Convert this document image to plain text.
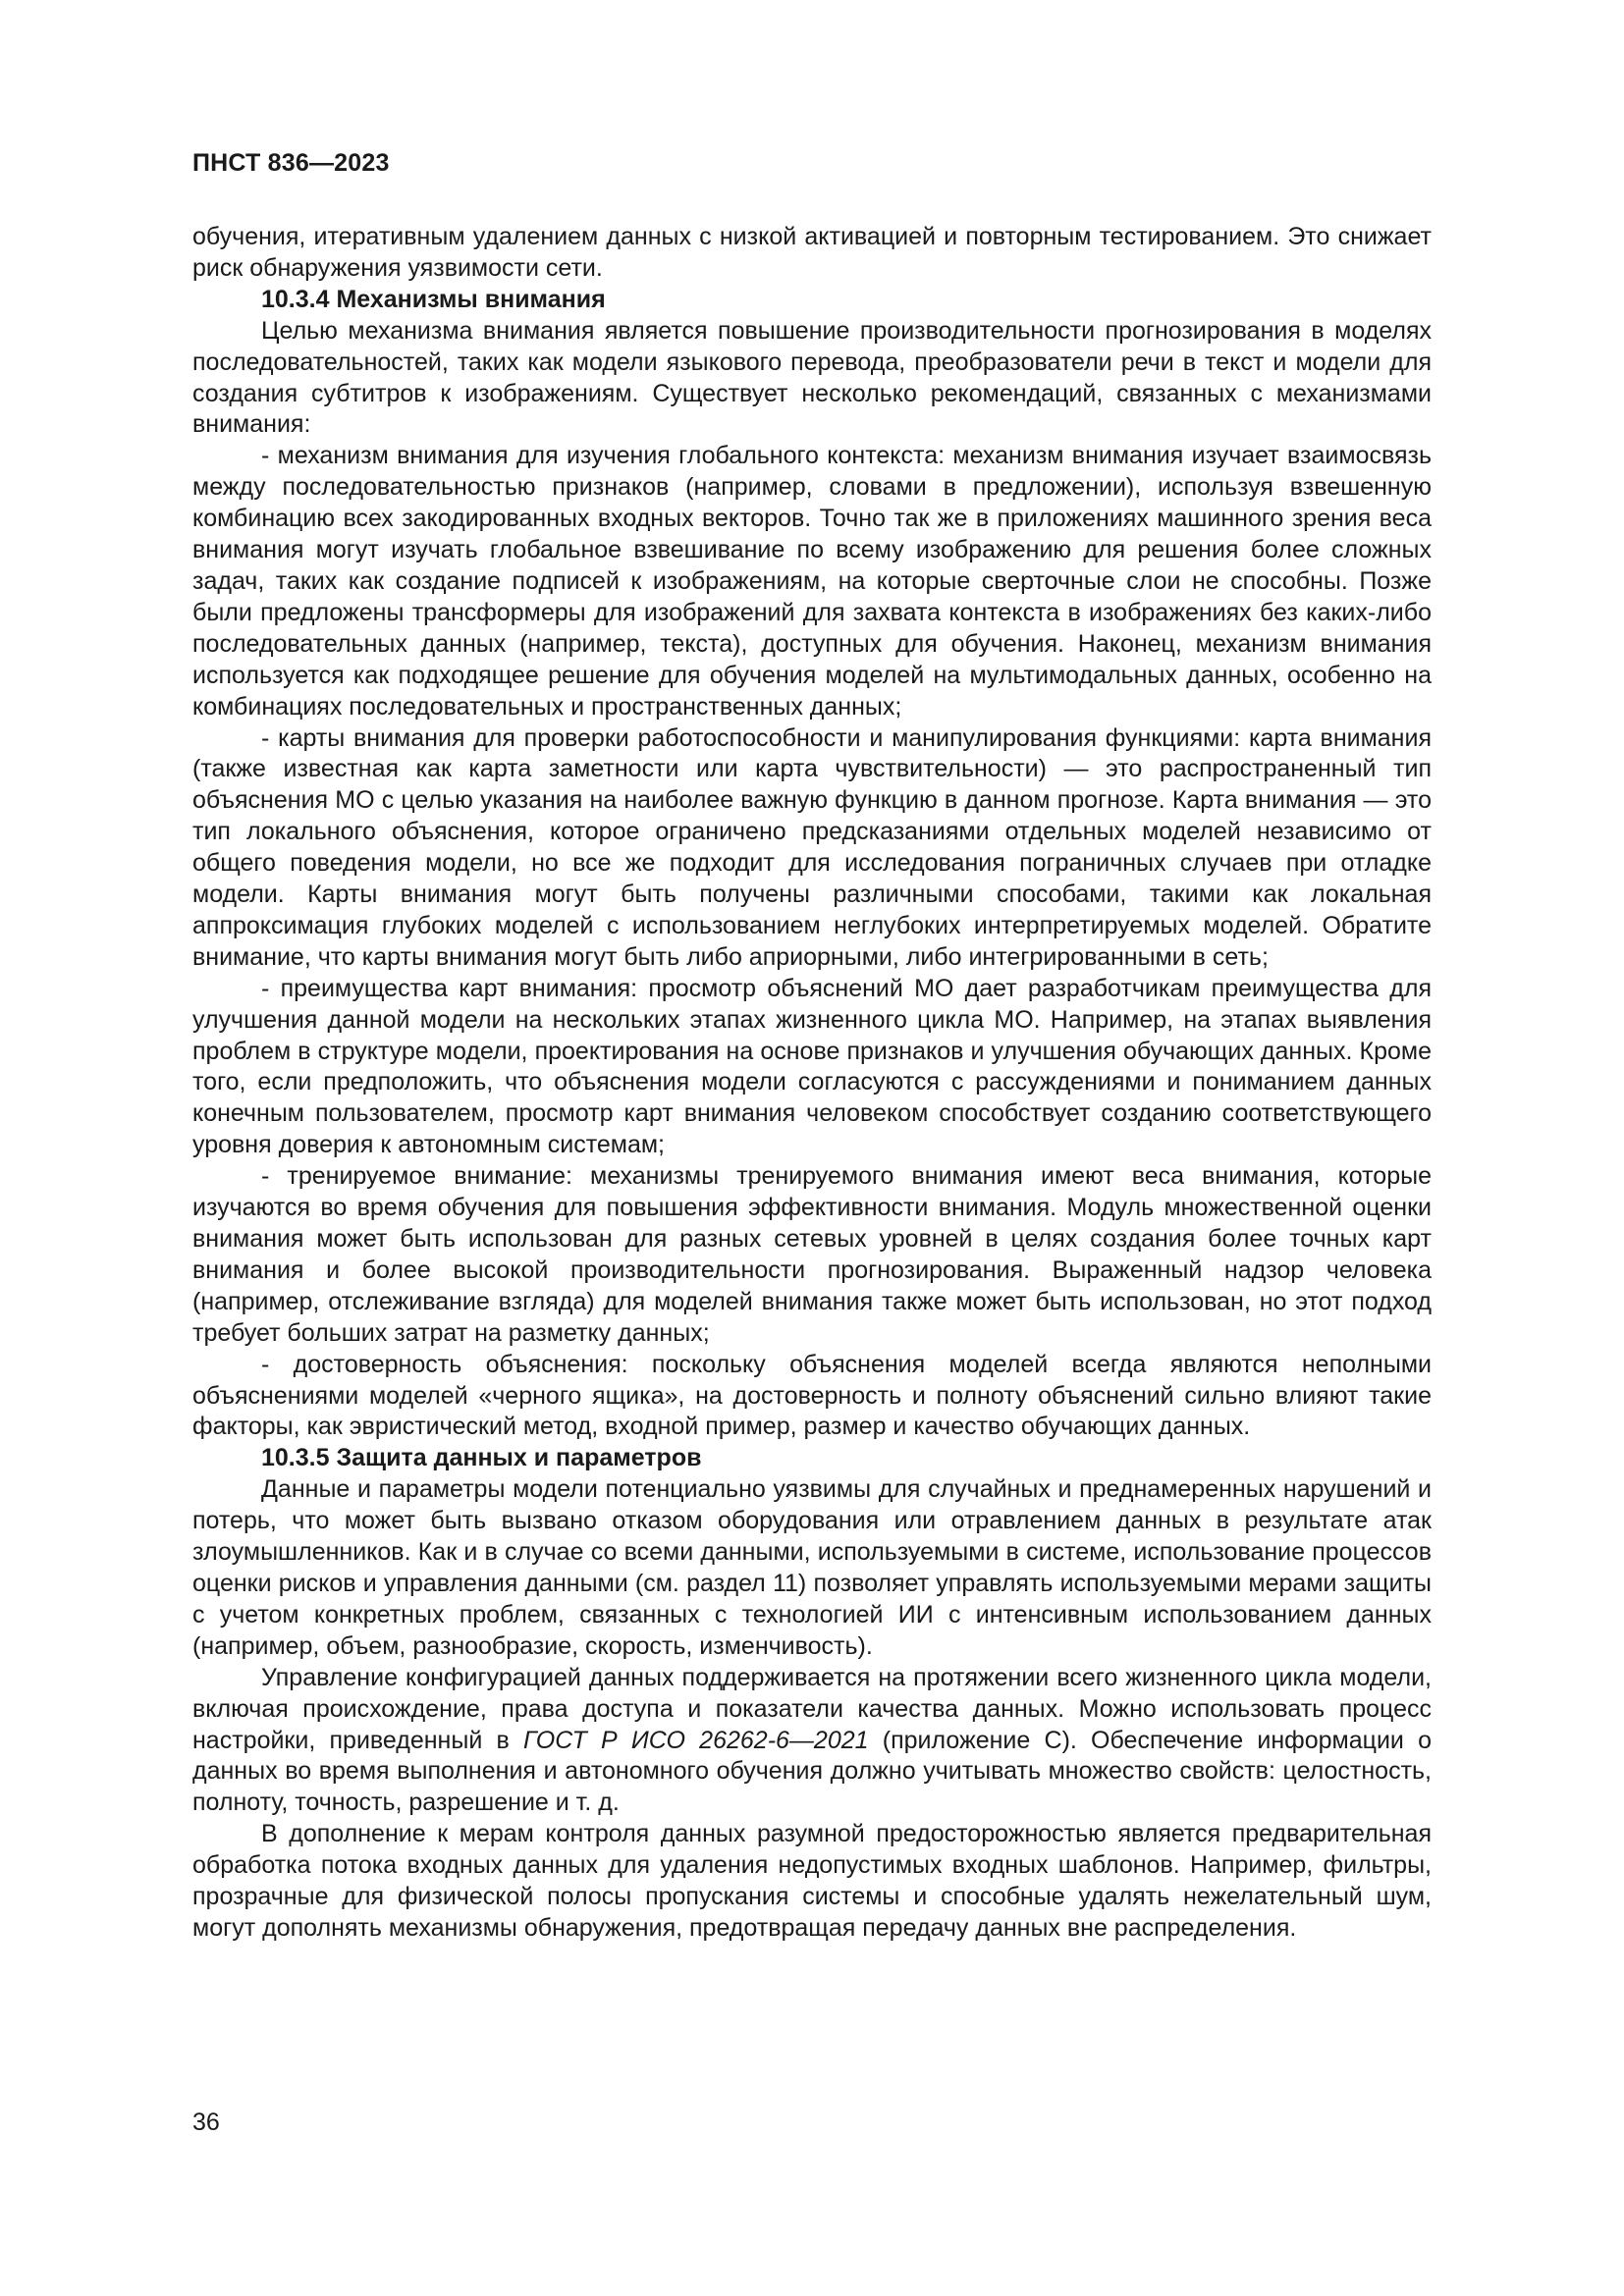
ПНСТ 836—2023

обучения, итеративным удалением данных с низкой активацией и повторным тестированием. Это снижает риск обнаружения уязвимости сети.

10.3.4 Механизмы внимания

Целью механизма внимания является повышение производительности прогнозирования в моделях последовательностей, таких как модели языкового перевода, преобразователи речи в текст и модели для создания субтитров к изображениям. Существует несколько рекомендаций, связанных с механизмами внимания:

- механизм внимания для изучения глобального контекста: механизм внимания изучает взаимосвязь между последовательностью признаков (например, словами в предложении), используя взвешенную комбинацию всех закодированных входных векторов. Точно так же в приложениях машинного зрения веса внимания могут изучать глобальное взвешивание по всему изображению для решения более сложных задач, таких как создание подписей к изображениям, на которые сверточные слои не способны. Позже были предложены трансформеры для изображений для захвата контекста в изображениях без каких-либо последовательных данных (например, текста), доступных для обучения. Наконец, механизм внимания используется как подходящее решение для обучения моделей на мультимодальных данных, особенно на комбинациях последовательных и пространственных данных;

- карты внимания для проверки работоспособности и манипулирования функциями: карта внимания (также известная как карта заметности или карта чувствительности) — это распространенный тип объяснения МО с целью указания на наиболее важную функцию в данном прогнозе. Карта внимания — это тип локального объяснения, которое ограничено предсказаниями отдельных моделей независимо от общего поведения модели, но все же подходит для исследования пограничных случаев при отладке модели. Карты внимания могут быть получены различными способами, такими как локальная аппроксимация глубоких моделей с использованием неглубоких интерпретируемых моделей. Обратите внимание, что карты внимания могут быть либо априорными, либо интегрированными в сеть;

- преимущества карт внимания: просмотр объяснений МО дает разработчикам преимущества для улучшения данной модели на нескольких этапах жизненного цикла МО. Например, на этапах выявления проблем в структуре модели, проектирования на основе признаков и улучшения обучающих данных. Кроме того, если предположить, что объяснения модели согласуются с рассуждениями и пониманием данных конечным пользователем, просмотр карт внимания человеком способствует созданию соответствующего уровня доверия к автономным системам;

- тренируемое внимание: механизмы тренируемого внимания имеют веса внимания, которые изучаются во время обучения для повышения эффективности внимания. Модуль множественной оценки внимания может быть использован для разных сетевых уровней в целях создания более точных карт внимания и более высокой производительности прогнозирования. Выраженный надзор человека (например, отслеживание взгляда) для моделей внимания также может быть использован, но этот подход требует больших затрат на разметку данных;

- достоверность объяснения: поскольку объяснения моделей всегда являются неполными объяснениями моделей «черного ящика», на достоверность и полноту объяснений сильно влияют такие факторы, как эвристический метод, входной пример, размер и качество обучающих данных.

10.3.5 Защита данных и параметров

Данные и параметры модели потенциально уязвимы для случайных и преднамеренных нарушений и потерь, что может быть вызвано отказом оборудования или отравлением данных в результате атак злоумышленников. Как и в случае со всеми данными, используемыми в системе, использование процессов оценки рисков и управления данными (см. раздел 11) позволяет управлять используемыми мерами защиты с учетом конкретных проблем, связанных с технологией ИИ с интенсивным использованием данных (например, объем, разнообразие, скорость, изменчивость).

Управление конфигурацией данных поддерживается на протяжении всего жизненного цикла модели, включая происхождение, права доступа и показатели качества данных. Можно использовать процесс настройки, приведенный в ГОСТ Р ИСО 26262-6—2021 (приложение С). Обеспечение информации о данных во время выполнения и автономного обучения должно учитывать множество свойств: целостность, полноту, точность, разрешение и т. д.

В дополнение к мерам контроля данных разумной предосторожностью является предварительная обработка потока входных данных для удаления недопустимых входных шаблонов. Например, фильтры, прозрачные для физической полосы пропускания системы и способные удалять нежелательный шум, могут дополнять механизмы обнаружения, предотвращая передачу данных вне распределения.

36
